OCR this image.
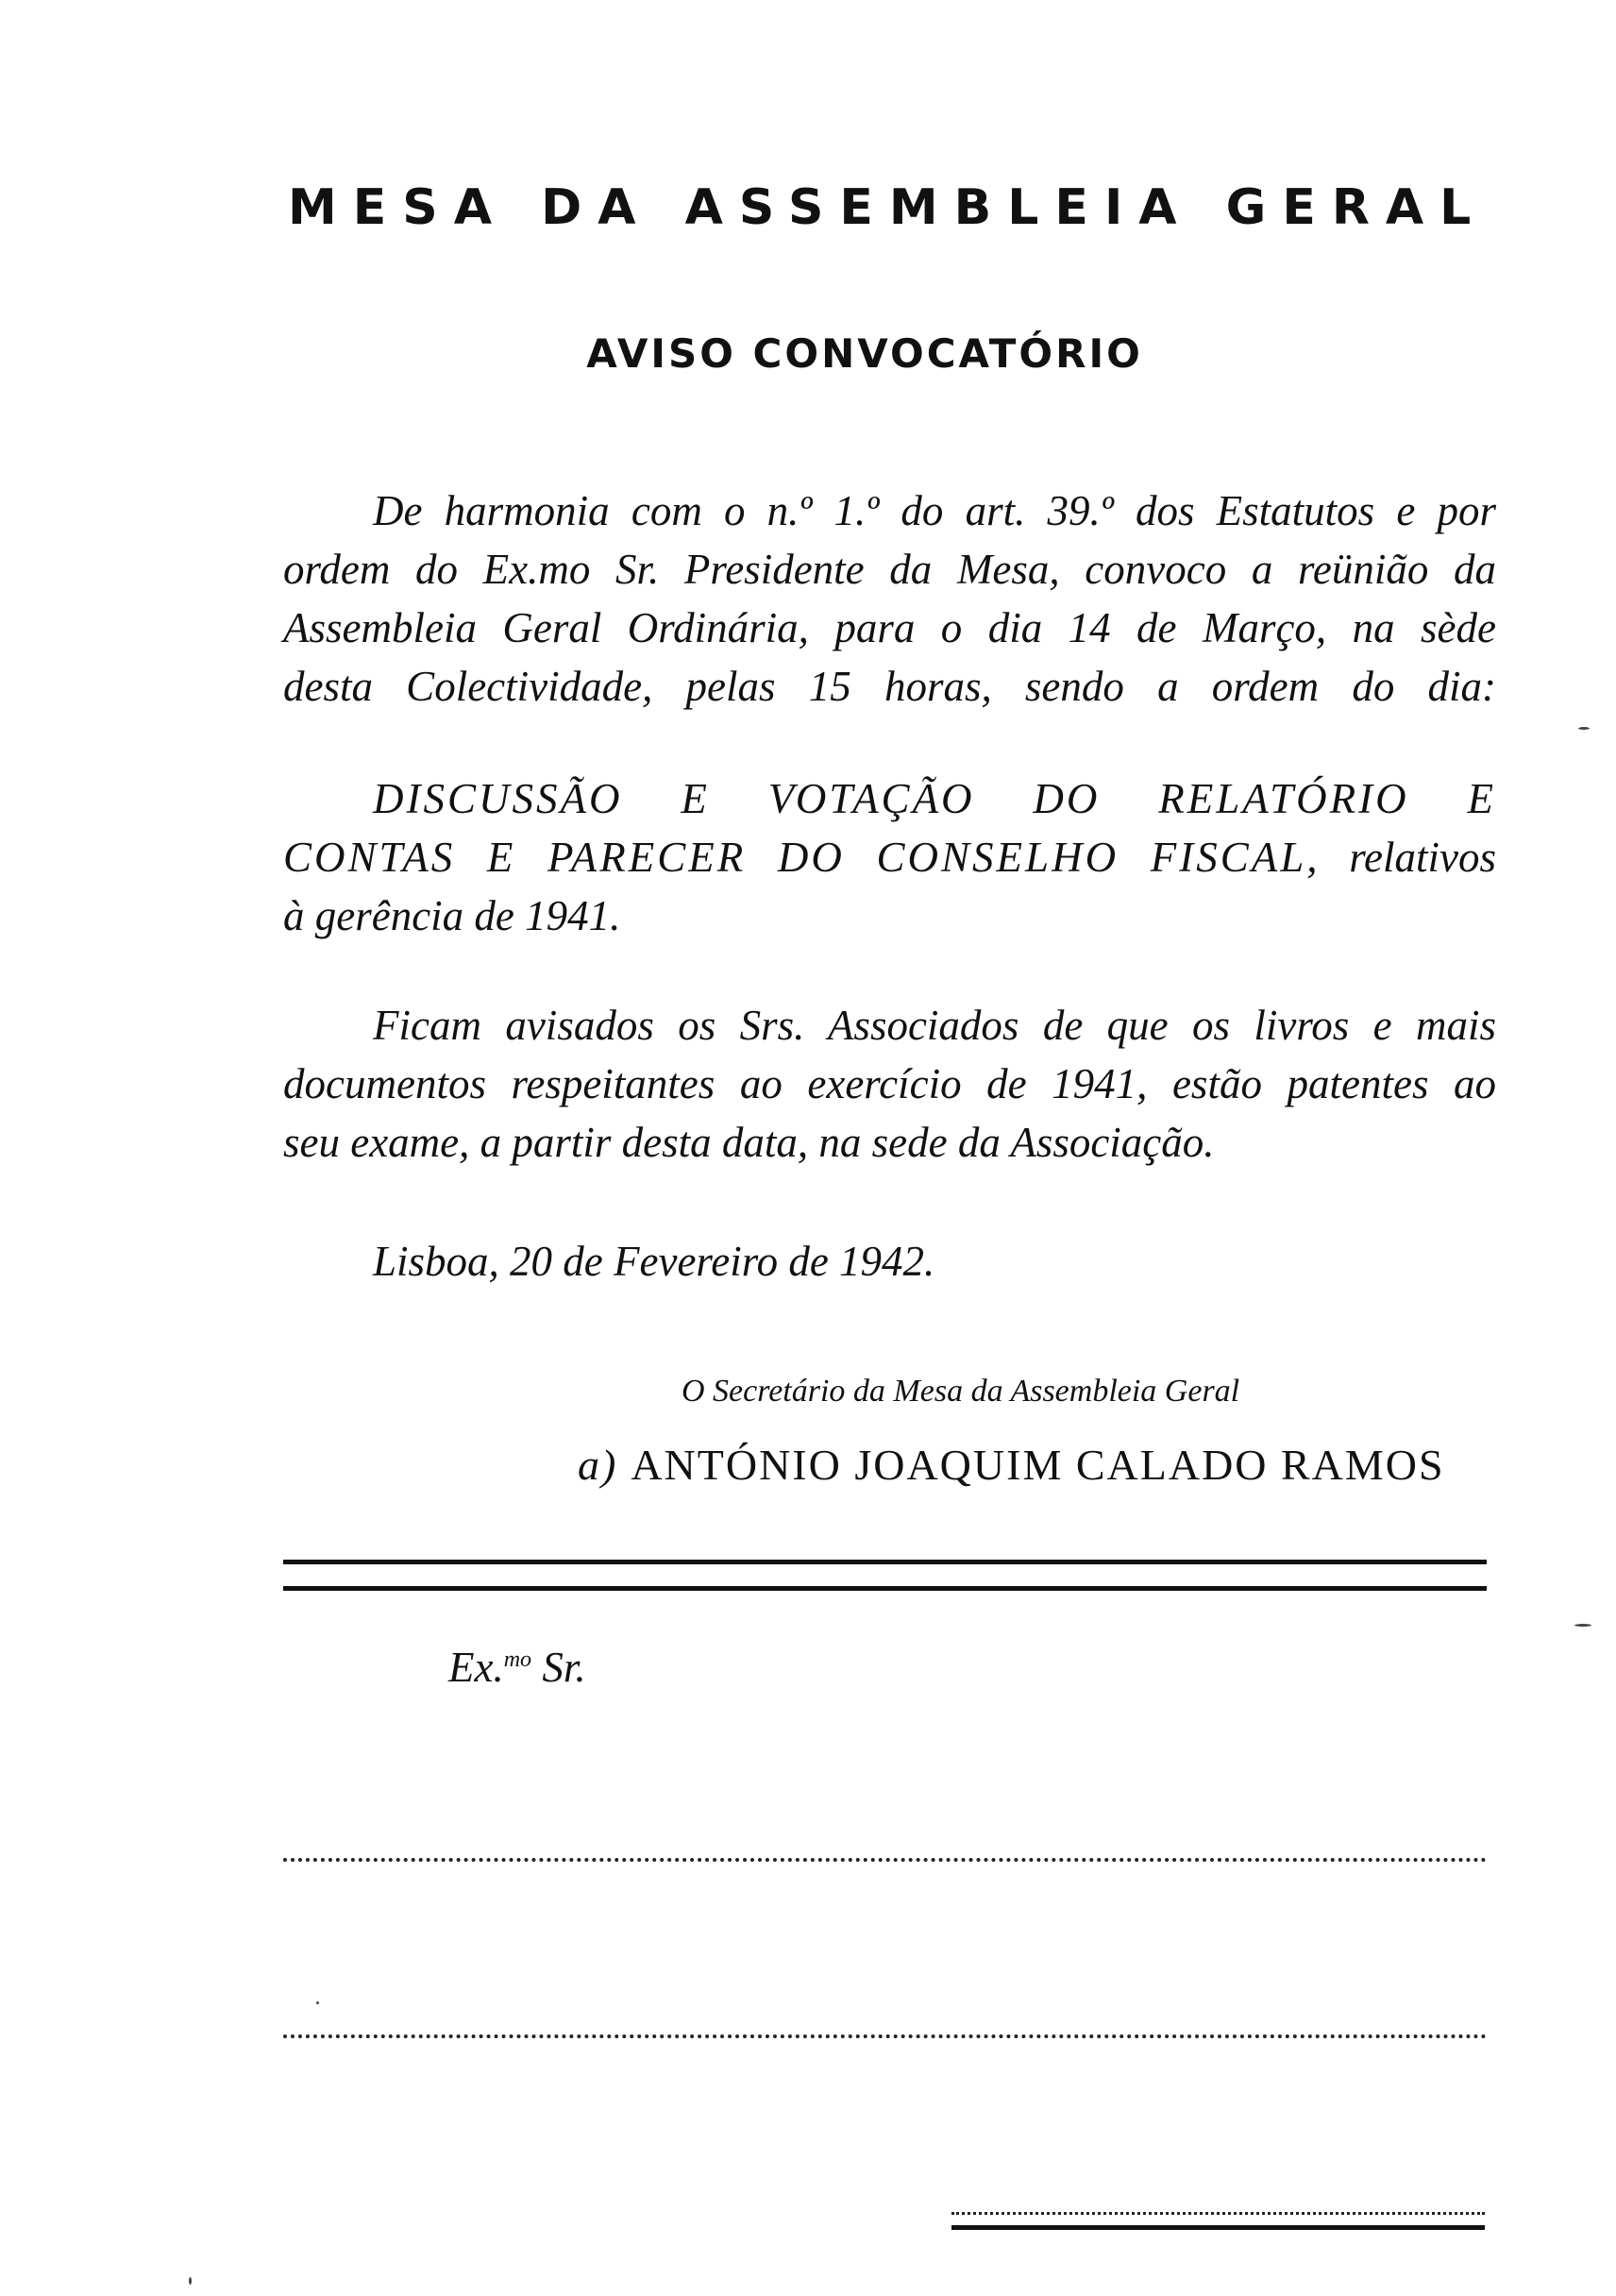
MESA DA ASSEMBLEIA GERAL
AVISO CONVOCATÓRIO
De harmonia com o n.º 1.º do art. 39.º dos Estatutos e por
ordem do Ex.mo Sr. Presidente da Mesa, convoco a reünião da
Assembleia Geral Ordinária, para o dia 14 de Março, na sède
desta Colectividade, pelas 15 horas, sendo a ordem do dia:
DISCUSSÃO E VOTAÇÃO DO RELATÓRIO E
CONTAS E PARECER DO CONSELHO FISCAL, relativos
à gerência de 1941.
Ficam avisados os Srs. Associados de que os livros e mais
documentos respeitantes ao exercício de 1941, estão patentes ao
seu exame, a partir desta data, na sede da Associação.

Lisboa, 20 de Fevereiro de 1942.

O Secretário da Mesa da Assembleia Geral

a) ANTÓNIO JOAQUIM CALADO RAMOS

Ex.$^{mo}$ Sr.
